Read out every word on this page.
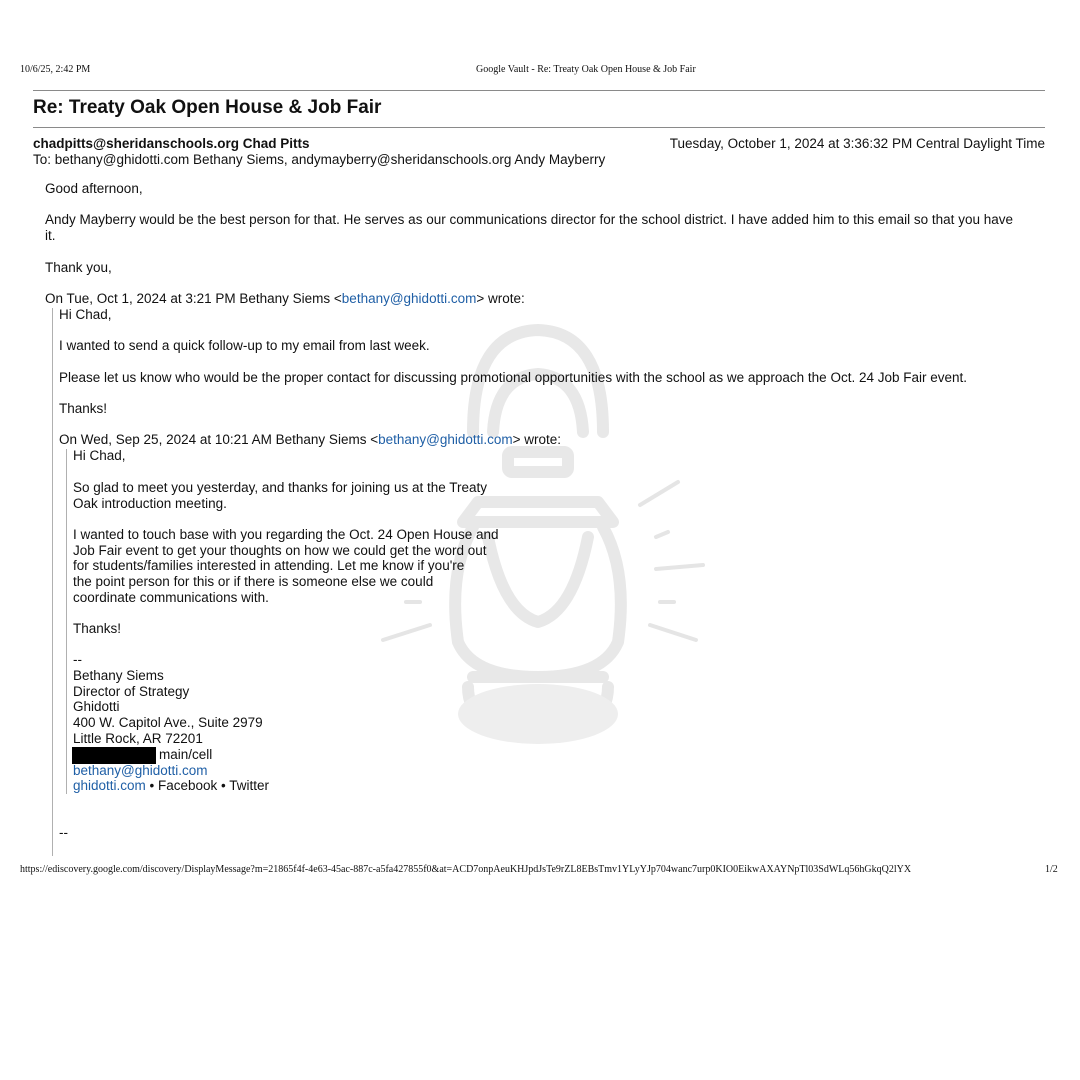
10/6/25, 2:42 PM	Google Vault - Re: Treaty Oak Open House & Job Fair
Re: Treaty Oak Open House & Job Fair
chadpitts@sheridanschools.org Chad Pitts	Tuesday, October 1, 2024 at 3:36:32 PM Central Daylight Time
To: bethany@ghidotti.com Bethany Siems, andymayberry@sheridanschools.org Andy Mayberry
Good afternoon,
Andy Mayberry would be the best person for that. He serves as our communications director for the school district. I have added him to this email so that you have
it.
Thank you,
On Tue, Oct 1, 2024 at 3:21 PM Bethany Siems <bethany@ghidotti.com> wrote:
Hi Chad,
I wanted to send a quick follow-up to my email from last week.
Please let us know who would be the proper contact for discussing promotional opportunities with the school as we approach the Oct. 24 Job Fair event.
Thanks!
On Wed, Sep 25, 2024 at 10:21 AM Bethany Siems <bethany@ghidotti.com> wrote:
Hi Chad,
So glad to meet you yesterday, and thanks for joining us at the Treaty
Oak introduction meeting.
I wanted to touch base with you regarding the Oct. 24 Open House and
Job Fair event to get your thoughts on how we could get the word out
for students/families interested in attending. Let me know if you're
the point person for this or if there is someone else we could
coordinate communications with.
Thanks!
--
Bethany Siems
Director of Strategy
Ghidotti
400 W. Capitol Ave., Suite 2979
Little Rock, AR 72201
main/cell
bethany@ghidotti.com
ghidotti.com • Facebook • Twitter
--
https://ediscovery.google.com/discovery/DisplayMessage?m=21865f4f-4e63-45ac-887c-a5fa427855f0&at=ACD7onpAeuKHJpdJsTe9rZL8EBsTmv1YLyYJp704wanc7urp0KIO0EikwAXAYNpTl03SdWLq56hGkqQ2lYX	1/2
